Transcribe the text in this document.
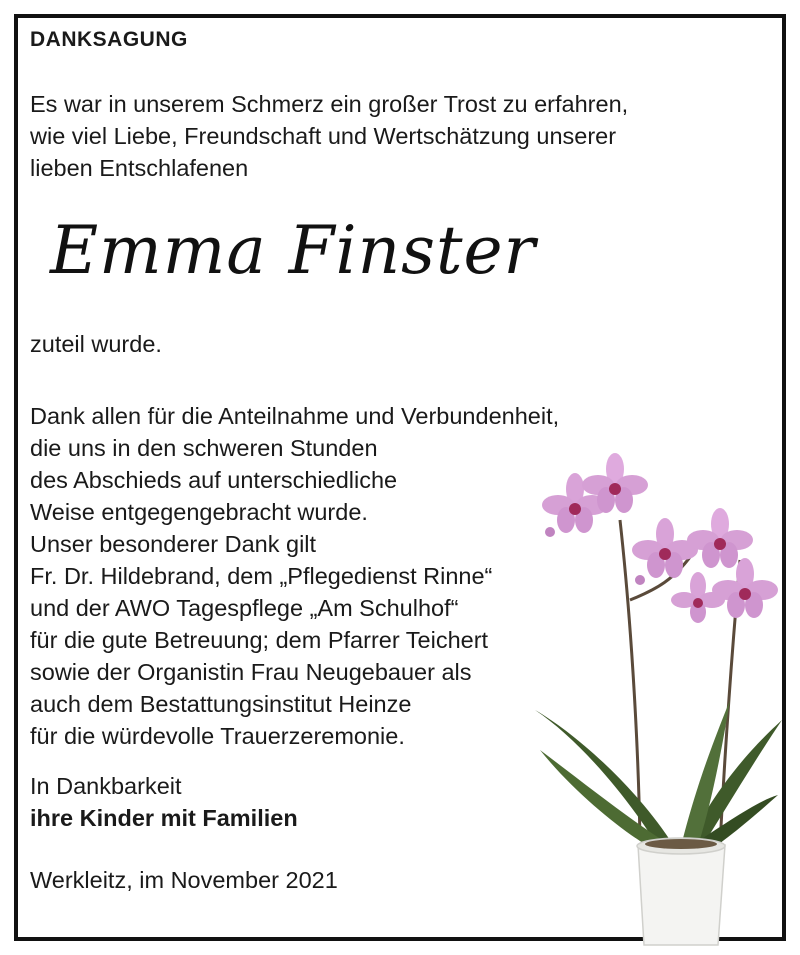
DANKSAGUNG
Es war in unserem Schmerz ein großer Trost zu erfahren,
wie viel Liebe, Freundschaft und Wertschätzung unserer
lieben Entschlafenen
Emma Finster
zuteil wurde.
Dank allen für die Anteilnahme und Verbundenheit,
die uns in den schweren Stunden
des Abschieds auf unterschiedliche
Weise entgegengebracht wurde.
Unser besonderer Dank gilt
Fr. Dr. Hildebrand, dem „Pflegedienst Rinne“
und der AWO Tagespflege „Am Schulhof“
für die gute Betreuung; dem Pfarrer Teichert
sowie der Organistin Frau Neugebauer als
auch dem Bestattungsinstitut Heinze
für die würdevolle Trauerzeremonie.
In Dankbarkeit
ihre Kinder mit Familien
Werkleitz, im November 2021
